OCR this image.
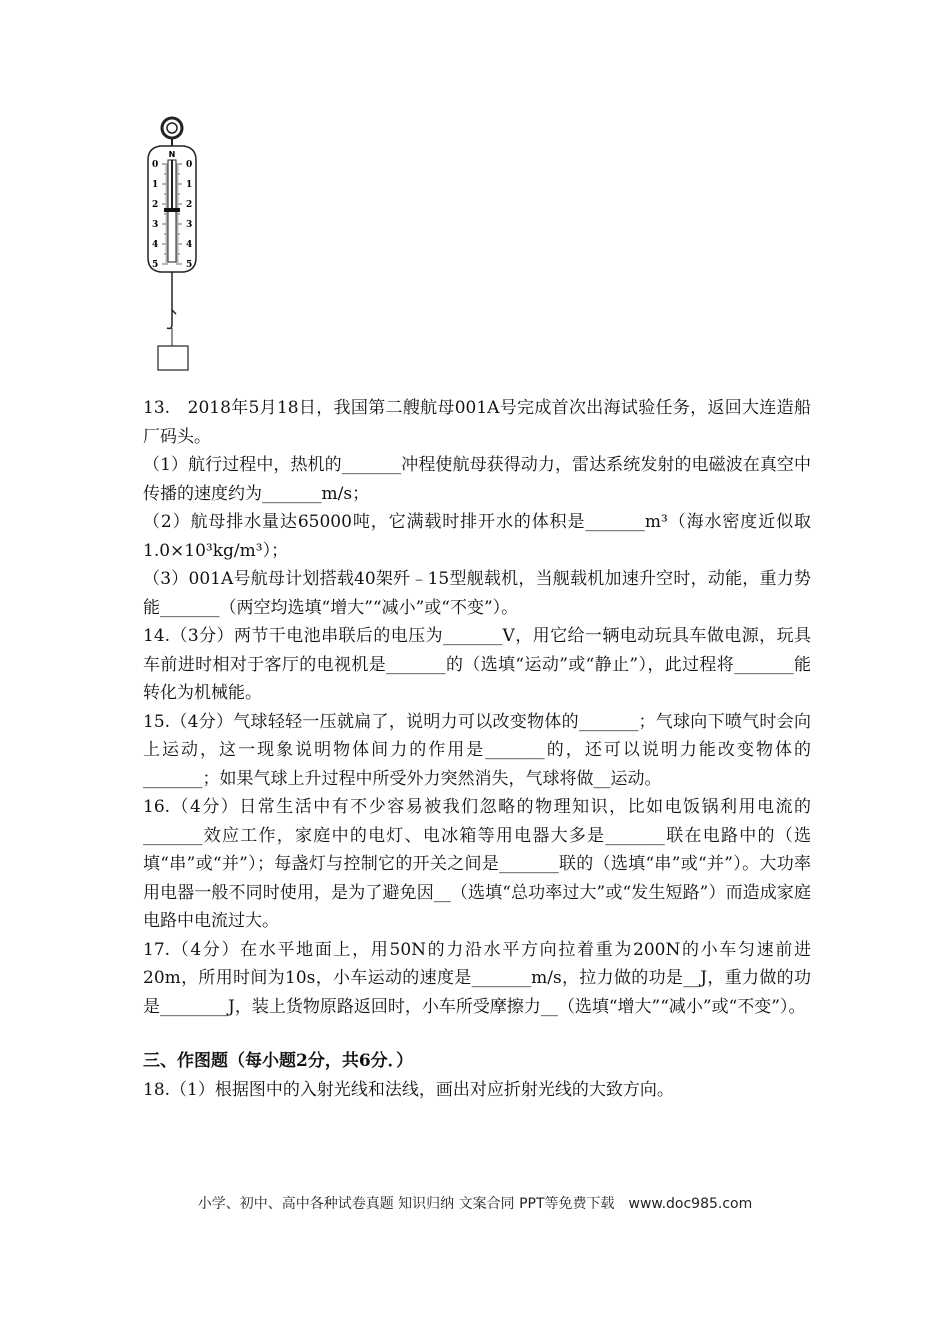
N
0	0
1	1
2	2
3	3
4	4
5	5

13.　2018年5月18日，我国第二艘航母001A号完成首次出海试验任务，返回大连造船厂码头。

（1）航行过程中，热机的_______冲程使航母获得动力，雷达系统发射的电磁波在真空中传播的速度约为_______m/s；

（2）航母排水量达65000吨，它满载时排开水的体积是_______m³（海水密度近似取1.0×10³kg/m³）；

（3）001A号航母计划搭载40架歼﹣15型舰载机，当舰载机加速升空时，动能，重力势能_______（两空均选填“增大”“减小”或“不变”）。

14.（3分）两节干电池串联后的电压为_______V，用它给一辆电动玩具车做电源，玩具车前进时相对于客厅的电视机是_______的（选填“运动”或“静止”），此过程将_______能转化为机械能。

15.（4分）气球轻轻一压就扁了，说明力可以改变物体的_______；气球向下喷气时会向上运动，这一现象说明物体间力的作用是_______的，还可以说明力能改变物体的_______；如果气球上升过程中所受外力突然消失，气球将做__运动。

16.（4分）日常生活中有不少容易被我们忽略的物理知识，比如电饭锅利用电流的_______效应工作，家庭中的电灯、电冰箱等用电器大多是_______联在电路中的（选填“串”或“并”）；每盏灯与控制它的开关之间是_______联的（选填“串”或“并”）。大功率用电器一般不同时使用，是为了避免因__（选填“总功率过大”或“发生短路”）而造成家庭电路中电流过大。

17.（4分）在水平地面上，用50N的力沿水平方向拉着重为200N的小车匀速前进20m，所用时间为10s，小车运动的速度是_______m/s，拉力做的功是__J，重力做的功是________J，装上货物原路返回时，小车所受摩擦力__（选填“增大”“减小”或“不变”）。

三、作图题（每小题2分，共6分．）

18.（1）根据图中的入射光线和法线，画出对应折射光线的大致方向。

小学、初中、高中各种试卷真题 知识归纳 文案合同 PPT等免费下载　www.doc985.com
